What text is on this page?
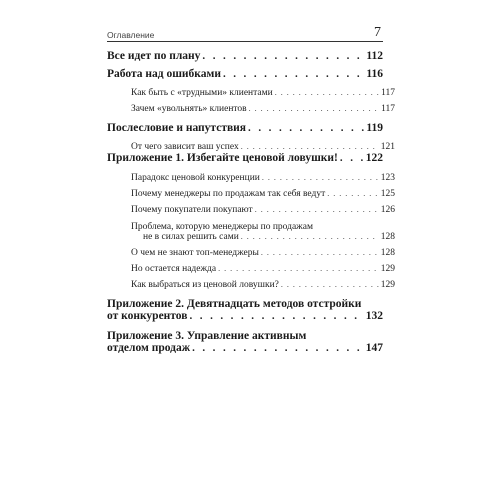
Оглавление	7
Все идет по плану . . .	112
Работа над ошибками . . .	116
Как быть с «трудными» клиентами . . .	117
Зачем «увольнять» клиентов . . .	117
Послесловие и напутствия . . .	119
От чего зависит ваш успех . . .	121
Приложение 1. Избегайте ценовой ловушки! . . . 122
Парадокс ценовой конкуренции . . .	123
Почему менеджеры по продажам так себя ведут . . .	125
Почему покупатели покупают . . .	126
Проблема, которую менеджеры по продажам
не в силах решить сами . . .	128
О чем не знают топ-менеджеры . . .	128
Но остается надежда . . .	129
Как выбраться из ценовой ловушки? . . .	129
Приложение 2. Девятнадцать методов отстройки
от конкурентов . . .	132
Приложение 3. Управление активным
отделом продаж . . .	147
